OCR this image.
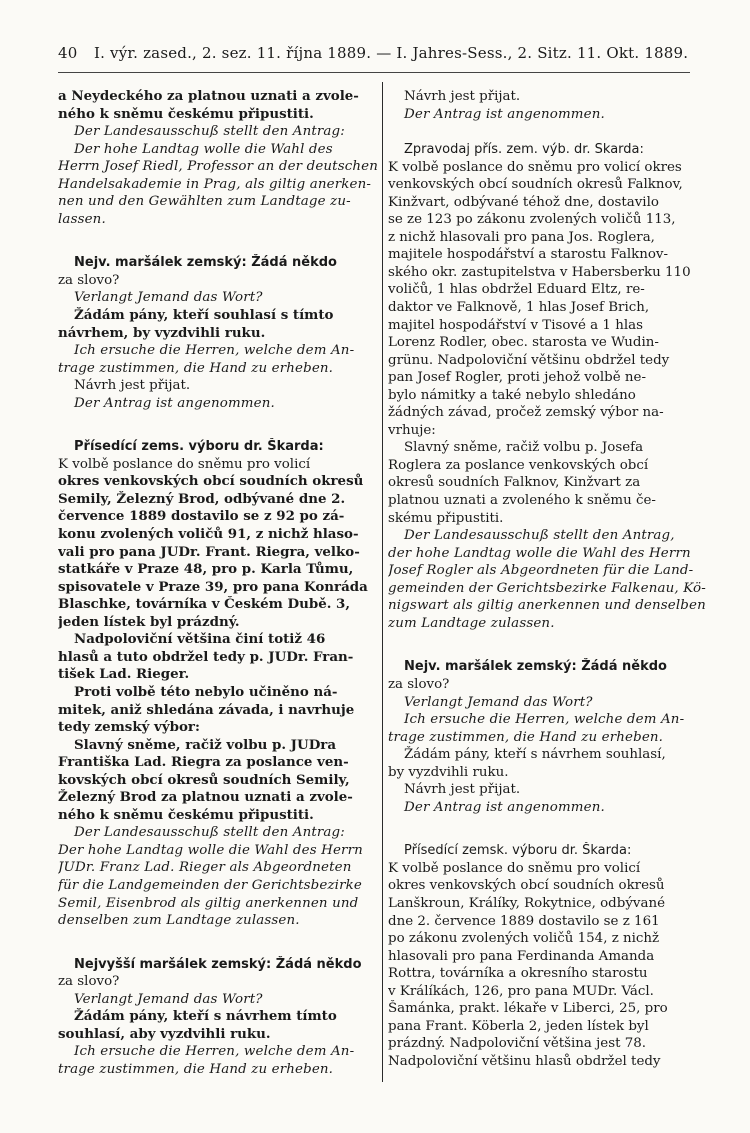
40 I. výr. zased., 2. sez. 11. října 1889. — I. Jahres-Sess., 2. Sitz. 11. Okt. 1889.
a Neydeckého za platnou uznati a zvole-
ného k sněmu českému připustiti.
Der Landesausschuß stellt den Antrag:
Der hohe Landtag wolle die Wahl des
Herrn Josef Riedl, Professor an der deutschen
Handelsakademie in Prag, als giltig anerken-
nen und den Gewählten zum Landtage zu-
lassen.
Nejv. maršálek zemský: Žádá někdo
za slovo?
Verlangt Jemand das Wort?
Žádám pány, kteří souhlasí s tímto
návrhem, by vyzdvihli ruku.
Ich ersuche die Herren, welche dem An-
trage zustimmen, die Hand zu erheben.
Návrh jest přijat.
Der Antrag ist angenommen.
Přísedící zems. výboru dr. Škarda:
K volbě poslance do sněmu pro volicí
okres venkovských obcí soudních okresů
Semily, Železný Brod, odbývané dne 2.
července 1889 dostavilo se z 92 po zá-
konu zvolených voličů 91, z nichž hlaso-
vali pro pana JUDr. Frant. Riegra, velko-
statkáře v Praze 48, pro p. Karla Tůmu,
spisovatele v Praze 39, pro pana Konráda
Blaschke, továrníka v Českém Dubě. 3,
jeden lístek byl prázdný.
Nadpoloviční většina činí totiž 46
hlasů a tuto obdržel tedy p. JUDr. Fran-
tišek Lad. Rieger.
Proti volbě této nebylo učiněno ná-
mitek, aniž shledána závada, i navrhuje
tedy zemský výbor:
Slavný sněme, račiž volbu p. JUDra
Františka Lad. Riegra za poslance ven-
kovských obcí okresů soudních Semily,
Železný Brod za platnou uznati a zvole-
ného k sněmu českému připustiti.
Der Landesausschuß stellt den Antrag:
Der hohe Landtag wolle die Wahl des Herrn
JUDr. Franz Lad. Rieger als Abgeordneten
für die Landgemeinden der Gerichtsbezirke
Semil, Eisenbrod als giltig anerkennen und
denselben zum Landtage zulassen.
Nejvyšší maršálek zemský: Žádá někdo
za slovo?
Verlangt Jemand das Wort?
Žádám pány, kteří s návrhem tímto
souhlasí, aby vyzdvihli ruku.
Ich ersuche die Herren, welche dem An-
trage zustimmen, die Hand zu erheben.
Návrh jest přijat.
Der Antrag ist angenommen.
Zpravodaj přís. zem. výb. dr. Skarda:
K volbě poslance do sněmu pro volicí okres
venkovských obcí soudních okresů Falknov,
Kinžvart, odbývané téhož dne, dostavilo
se ze 123 po zákonu zvolených voličů 113,
z nichž hlasovali pro pana Jos. Roglera,
majitele hospodářství a starostu Falknov-
ského okr. zastupitelstva v Habersberku 110
voličů, 1 hlas obdržel Eduard Eltz, re-
daktor ve Falknově, 1 hlas Josef Brich,
majitel hospodářství v Tisové a 1 hlas
Lorenz Rodler, obec. starosta ve Wudin-
grünu. Nadpoloviční většinu obdržel tedy
pan Josef Rogler, proti jehož volbě ne-
bylo námitky a také nebylo shledáno
žádných závad, pročež zemský výbor na-
vrhuje:
Slavný sněme, račiž volbu p. Josefa
Roglera za poslance venkovských obcí
okresů soudních Falknov, Kinžvart za
platnou uznati a zvoleného k sněmu če-
skému připustiti.
Der Landesausschuß stellt den Antrag,
der hohe Landtag wolle die Wahl des Herrn
Josef Rogler als Abgeordneten für die Land-
gemeinden der Gerichtsbezirke Falkenau, Kö-
nigswart als giltig anerkennen und denselben
zum Landtage zulassen.
Nejv. maršálek zemský: Žádá někdo
za slovo?
Verlangt Jemand das Wort?
Ich ersuche die Herren, welche dem An-
trage zustimmen, die Hand zu erheben.
Žádám pány, kteří s návrhem souhlasí,
by vyzdvihli ruku.
Návrh jest přijat.
Der Antrag ist angenommen.
Přísedící zemsk. výboru dr. Škarda:
K volbě poslance do sněmu pro volicí
okres venkovských obcí soudních okresů
Lanškroun, Králíky, Rokytnice, odbývané
dne 2. července 1889 dostavilo se z 161
po zákonu zvolených voličů 154, z nichž
hlasovali pro pana Ferdinanda Amanda
Rottra, továrníka a okresního starostu
v Králíkách, 126, pro pana MUDr. Václ.
Šamánka, prakt. lékaře v Liberci, 25, pro
pana Frant. Köberla 2, jeden lístek byl
prázdný. Nadpoloviční většina jest 78.
Nadpoloviční většinu hlasů obdržel tedy
